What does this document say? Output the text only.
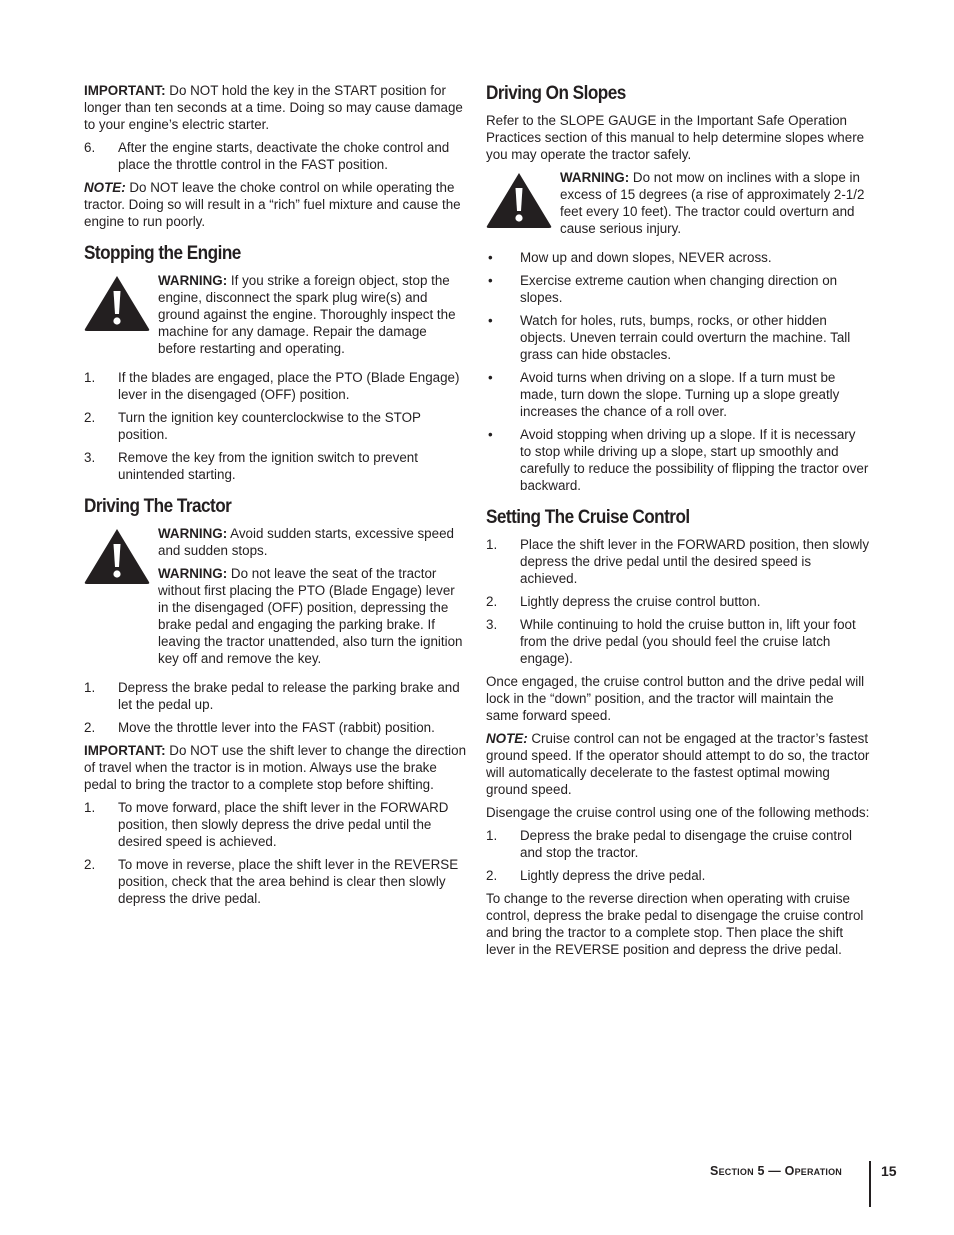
IMPORTANT: Do NOT hold the key in the START position for longer than ten seconds at a time. Doing so may cause damage to your engine’s electric starter.

6. After the engine starts, deactivate the choke control and place the throttle control in the FAST position.

NOTE: Do NOT leave the choke control on while operating the tractor. Doing so will result in a “rich” fuel mixture and cause the engine to run poorly.

Stopping the Engine

WARNING: If you strike a foreign object, stop the engine, disconnect the spark plug wire(s) and ground against the engine. Thoroughly inspect the machine for any damage. Repair the damage before restarting and operating.

1. If the blades are engaged, place the PTO (Blade Engage) lever in the disengaged (OFF) position.
2. Turn the ignition key counterclockwise to the STOP position.
3. Remove the key from the ignition switch to prevent unintended starting.
Driving The Tractor

WARNING: Avoid sudden starts, excessive speed and sudden stops.

WARNING: Do not leave the seat of the tractor without first placing the PTO (Blade Engage) lever in the disengaged (OFF) position, depressing the brake pedal and engaging the parking brake. If leaving the tractor unattended, also turn the ignition key off and remove the key.

1. Depress the brake pedal to release the parking brake and let the pedal up.
2. Move the throttle lever into the FAST (rabbit) position.

IMPORTANT: Do NOT use the shift lever to change the direction of travel when the tractor is in motion. Always use the brake pedal to bring the tractor to a complete stop before shifting.

1. To move forward, place the shift lever in the FORWARD position, then slowly depress the drive pedal until the desired speed is achieved.
2. To move in reverse, place the shift lever in the REVERSE position, check that the area behind is clear then slowly depress the drive pedal.
Driving On Slopes

Refer to the SLOPE GAUGE in the Important Safe Operation Practices section of this manual to help determine slopes where you may operate the tractor safely.

WARNING: Do not mow on inclines with a slope in excess of 15 degrees (a rise of approximately 2-1/2 feet every 10 feet). The tractor could overturn and cause serious injury.

• Mow up and down slopes, NEVER across.
• Exercise extreme caution when changing direction on slopes.
• Watch for holes, ruts, bumps, rocks, or other hidden objects. Uneven terrain could overturn the machine. Tall grass can hide obstacles.
• Avoid turns when driving on a slope. If a turn must be made, turn down the slope. Turning up a slope greatly increases the chance of a roll over.
• Avoid stopping when driving up a slope. If it is necessary to stop while driving up a slope, start up smoothly and carefully to reduce the possibility of flipping the tractor over backward.
Setting The Cruise Control
1. Place the shift lever in the FORWARD position, then slowly depress the drive pedal until the desired speed is achieved.
2. Lightly depress the cruise control button.
3. While continuing to hold the cruise button in, lift your foot from the drive pedal (you should feel the cruise latch engage).

Once engaged, the cruise control button and the drive pedal will lock in the “down” position, and the tractor will maintain the same forward speed.

NOTE: Cruise control can not be engaged at the tractor’s fastest ground speed. If the operator should attempt to do so, the tractor will automatically decelerate to the fastest optimal mowing ground speed.

Disengage the cruise control using one of the following methods:

1. Depress the brake pedal to disengage the cruise control and stop the tractor.
2. Lightly depress the drive pedal.

To change to the reverse direction when operating with cruise control, depress the brake pedal to disengage the cruise control and bring the tractor to a complete stop. Then place the shift lever in the REVERSE position and depress the drive pedal.

Section 5 — Operation	15
